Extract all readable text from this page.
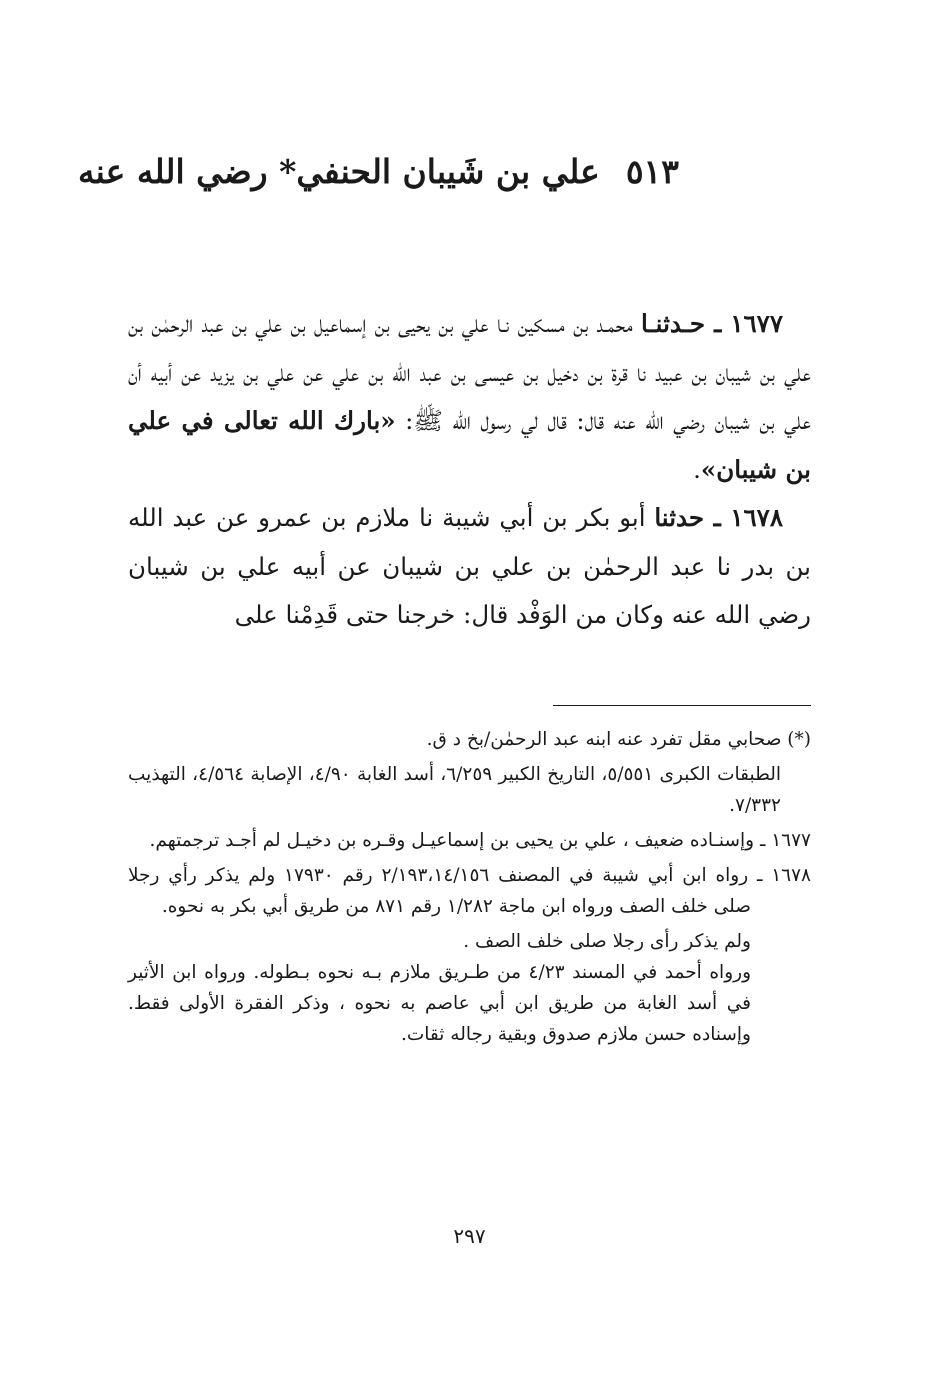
٥١٣علي بن شَيبان الحنفي* رضي الله عنه

١٦٧٧ ـ حـدثنـا محمـد بن مسكين نـا علي بن يحيى بن إسماعيل بن علي بن عبد الرحمٰن بن علي بن شيبان بن عبيد نا قرة بن دخيل بن عيسى بن عبد الله بن علي عن علي بن يزيد عن أبيه أن علي بن شيبان رضي الله عنه قال: قال لي رسول الله ﷺ: «بارك الله تعالى في علي بن شيبان».

١٦٧٨ ـ حدثنا أبو بكر بن أبي شيبة نا ملازم بن عمرو عن عبد الله بن بدر نا عبد الرحمٰن بن علي بن شيبان عن أبيه علي بن شيبان رضي الله عنه وكان من الوَفْد قال: خرجنا حتى قَدِمْنا على

(*) صحابي مقل تفرد عنه ابنه عبد الرحمٰن/بخ د ق.

الطبقات الكبرى ٥/٥٥١، التاريخ الكبير ٦/٢٥٩، أسد الغابة ٤/٩٠، الإصابة ٤/٥٦٤، التهذيب ٧/٣٣٢.

١٦٧٧ ـ وإسنـاده ضعيف ، علي بن يحيى بن إسماعيـل وقـره بن دخيـل لم أجـد ترجمتهم.

١٦٧٨ ـ رواه ابن أبي شيبة في المصنف ٢/١٩٣،١٤/١٥٦ رقم ١٧٩٣٠ ولم يذكر رأي رجلا صلى خلف الصف ورواه ابن ماجة ١/٢٨٢ رقم ٨٧١ من طريق أبي بكر به نحوه.

ولم يذكر رأى رجلا صلى خلف الصف .

ورواه أحمد في المسند ٤/٢٣ من طـريق ملازم بـه نحوه بـطوله. ورواه ابن الأثير في أسد الغابة من طريق ابن أبي عاصم به نحوه ، وذكر الفقرة الأولى فقط. وإسناده حسن ملازم صدوق وبقية رجاله ثقات.

٢٩٧
